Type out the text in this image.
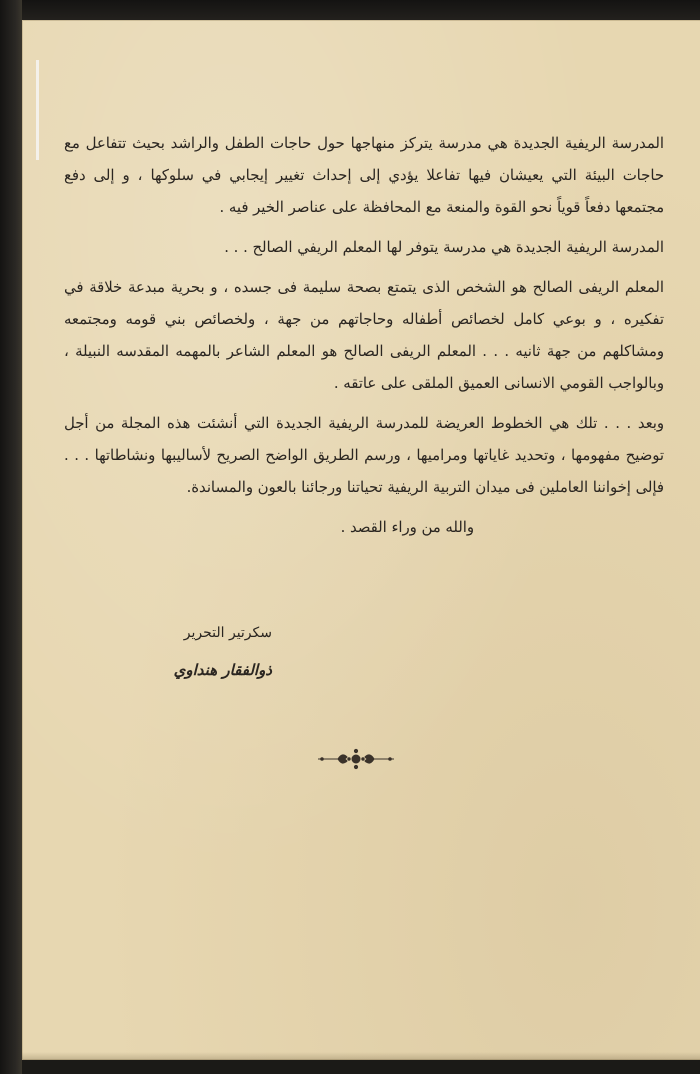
المدرسة الريفية الجديدة هي مدرسة يتركز منهاجها حول حاجات الطفل والراشد بحيث تتفاعل مع حاجات البيئة التي يعيشان فيها تفاعلا يؤدي إلى إحداث تغيير إيجابي في سلوكها ، و إلى دفع مجتمعها دفعاً قوياً نحو القوة والمنعة مع المحافظة على عناصر الخير فيه .

المدرسة الريفية الجديدة هي مدرسة يتوفر لها المعلم الريفي الصالح . . .

المعلم الريفى الصالح هو الشخص الذى يتمتع بصحة سليمة فى جسده ، و بحرية مبدعة خلاقة في تفكيره ، و بوعي كامل لخصائص أطفاله وحاجاتهم من جهة ، ولخصائص بني قومه ومجتمعه ومشاكلهم من جهة ثانيه . . . المعلم الريفى الصالح هو المعلم الشاعر بالمهمه المقدسه النبيلة ، وبالواجب القومي الانسانى العميق الملقى على عاتقه .

وبعد . . . تلك هي الخطوط العريضة للمدرسة الريفية الجديدة التي أنشئت هذه المجلة من أجل توضيح مفهومها ، وتحديد غاياتها ومراميها ، ورسم الطريق الواضح الصريح لأساليبها ونشاطاتها . . . فإلى إخواننا العاملين فى ميدان التربية الريفية تحياتنا ورجائنا بالعون والمساندة.

والله من وراء القصد .

سكرتير التحرير
ذوالفقار هنداوي
